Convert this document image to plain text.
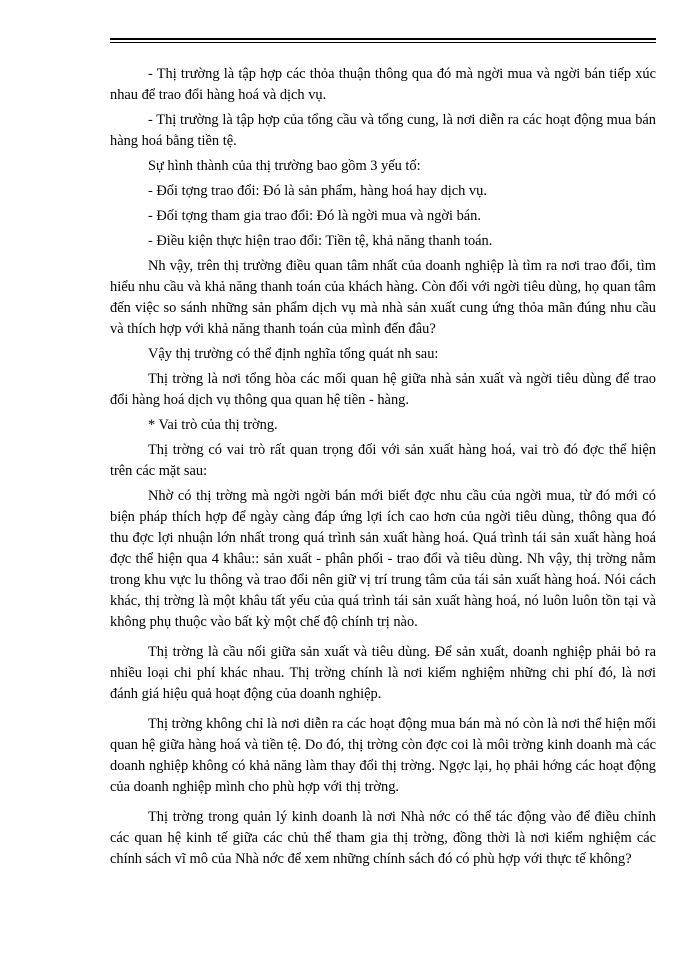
- Thị trường là tập hợp các thỏa thuận thông qua đó mà ngời mua và ngời bán tiếp xúc nhau để trao đổi hàng hoá và dịch vụ.

- Thị trường là tập hợp của tổng cầu và tổng cung, là nơi diễn ra các hoạt động mua bán hàng hoá bằng tiền tệ.

Sự hình thành của thị trường bao gồm 3 yếu tố:

- Đối tợng trao đổi: Đó là sản phẩm, hàng hoá hay dịch vụ.

- Đối tợng tham gia trao đổi: Đó là ngời mua và ngời bán.

- Điều kiện thực hiện trao đổi: Tiền tệ, khả năng thanh toán.

Nh vậy, trên thị trường điều quan tâm nhất của doanh nghiệp là tìm ra nơi trao đổi, tìm hiểu nhu cầu và khả năng thanh toán của khách hàng. Còn đối với ngời tiêu dùng, họ quan tâm đến việc so sánh những sản phẩm dịch vụ mà nhà sản xuất cung ứng thỏa mãn đúng nhu cầu và thích hợp với khả năng thanh toán của mình đến đâu?

Vậy thị trường có thể định nghĩa tổng quát nh sau:

Thị trờng là nơi tổng hòa các mối quan hệ giữa nhà sản xuất và ngời tiêu dùng để trao đổi hàng hoá dịch vụ thông qua quan hệ tiền - hàng.

* Vai trò của thị trờng.

Thị trờng có vai trò rất quan trọng đối với sản xuất hàng hoá, vai trò đó đợc thể hiện trên các mặt sau:

Nhờ có thị trờng mà ngời ngời bán mới biết đợc nhu cầu của ngời mua, từ đó mới có biện pháp thích hợp để ngày càng đáp ứng lợi ích cao hơn của ngời tiêu dùng, thông qua đó thu đợc lợi nhuận lớn nhất trong quá trình sản xuất hàng hoá. Quá trình tái sản xuất hàng hoá đợc thể hiện qua 4 khâu:: sản xuất - phân phối - trao đổi và tiêu dùng. Nh vậy, thị trờng nằm trong khu vực lu thông và trao đổi nên giữ vị trí trung tâm của tái sản xuất hàng hoá. Nói cách khác, thị trờng là một khâu tất yếu của quá trình tái sản xuất hàng hoá, nó luôn luôn tồn tại và không phụ thuộc vào bất kỳ một chế độ chính trị nào.

Thị trờng là cầu nối giữa sản xuất và tiêu dùng. Để sản xuất, doanh nghiệp phải bỏ ra nhiều loại chi phí khác nhau. Thị trờng chính là nơi kiểm nghiệm những chi phí đó, là nơi đánh giá hiệu quả hoạt động của doanh nghiệp.

Thị trờng không chỉ là nơi diễn ra các hoạt động mua bán mà nó còn là nơi thể hiện mối quan hệ giữa hàng hoá và tiền tệ. Do đó, thị trờng còn đợc coi là môi trờng kinh doanh mà các doanh nghiệp không có khả năng làm thay đổi thị trờng. Ngợc lại, họ phải hớng các hoạt động của doanh nghiệp mình cho phù hợp với thị trờng.

Thị trờng trong quản lý kinh doanh là nơi Nhà nớc có thể tác động vào để điều chỉnh các quan hệ kinh tế giữa các chủ thể tham gia thị trờng, đồng thời là nơi kiểm nghiệm các chính sách vĩ mô của Nhà nớc để xem những chính sách đó có phù hợp với thực tế không?
